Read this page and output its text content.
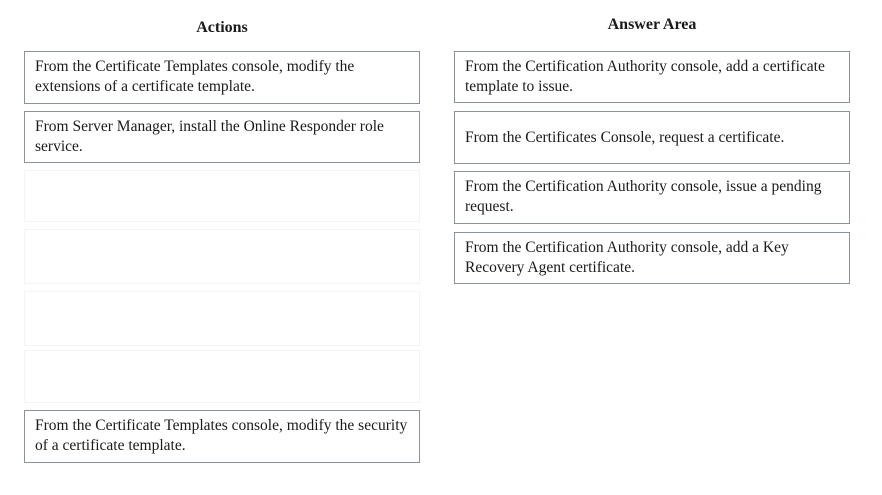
Actions	Answer Area
From the Certificate Templates console, modify the extensions of a certificate template.
From Server Manager, install the Online Responder role service.
From the Certificate Templates console, modify the security of a certificate template.
From the Certification Authority console, add a certificate template to issue.
From the Certificates Console, request a certificate.
From the Certification Authority console, issue a pending request.
From the Certification Authority console, add a Key Recovery Agent certificate.
